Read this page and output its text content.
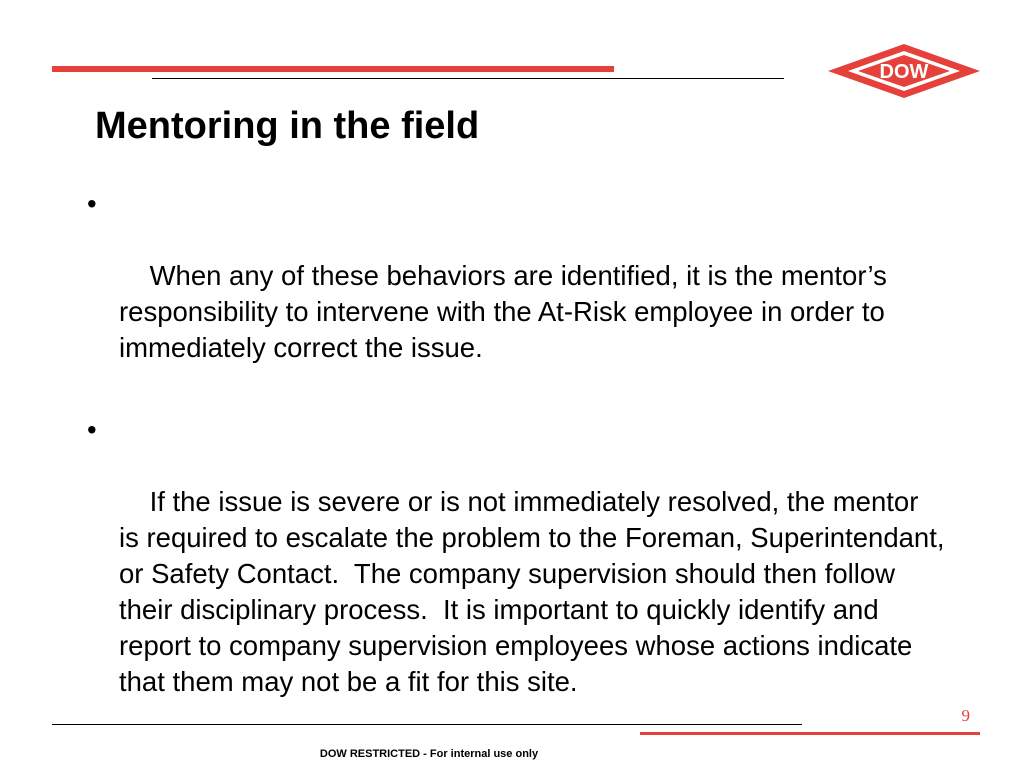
DOW
Mentoring in the field

•

When any of these behaviors are identified, it is the mentor’s responsibility to intervene with the At-Risk employee in order to immediately correct the issue.

•

If the issue is severe or is not immediately resolved, the mentor is required to escalate the problem to the Foreman, Superintendant, or Safety Contact.  The company supervision should then follow their disciplinary process.  It is important to quickly identify and report to company supervision employees whose actions indicate that them may not be a fit for this site.

9
DOW RESTRICTED - For internal use only
